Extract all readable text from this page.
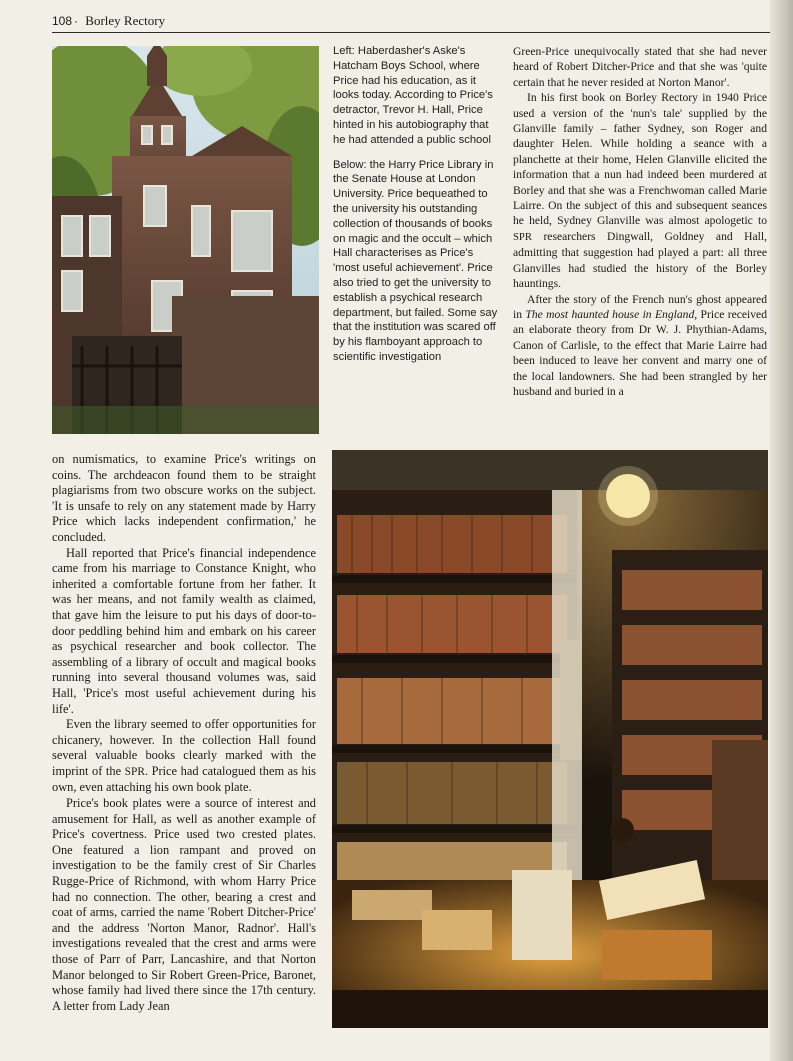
108 · Borley Rectory

Left: Haberdasher's Aske's Hatcham Boys School, where Price had his education, as it looks today. According to Price's detractor, Trevor H. Hall, Price hinted in his autobiography that he had attended a public school

Below: the Harry Price Library in the Senate House at London University. Price bequeathed to the university his outstanding collection of thousands of books on magic and the occult – which Hall characterises as Price's 'most useful achievement'. Price also tried to get the university to establish a psychical research department, but failed. Some say that the institution was scared off by his flamboyant approach to scientific investigation

Green-Price unequivocally stated that she had never heard of Robert Ditcher-Price and that she was 'quite certain that he never resided at Norton Manor'.

In his first book on Borley Rectory in 1940 Price used a version of the 'nun's tale' supplied by the Glanville family – father Sydney, son Roger and daughter Helen. While holding a seance with a planchette at their home, Helen Glanville elicited the information that a nun had indeed been murdered at Borley and that she was a Frenchwoman called Marie Lairre. On the subject of this and subsequent seances he held, Sydney Glanville was almost apologetic to SPR researchers Dingwall, Goldney and Hall, admitting that suggestion had played a part: all three Glanvilles had studied the history of the Borley hauntings.

After the story of the French nun's ghost appeared in The most haunted house in England, Price received an elaborate theory from Dr W. J. Phythian-Adams, Canon of Carlisle, to the effect that Marie Lairre had been induced to leave her convent and marry one of the local landowners. She had been strangled by her husband and buried in a

on numismatics, to examine Price's writings on coins. The archdeacon found them to be straight plagiarisms from two obscure works on the subject. 'It is unsafe to rely on any statement made by Harry Price which lacks independent confirmation,' he concluded.

Hall reported that Price's financial independence came from his marriage to Constance Knight, who inherited a comfortable fortune from her father. It was her means, and not family wealth as claimed, that gave him the leisure to put his days of door-to-door peddling behind him and embark on his career as psychical researcher and book collector. The assembling of a library of occult and magical books running into several thousand volumes was, said Hall, 'Price's most useful achievement during his life'.

Even the library seemed to offer opportunities for chicanery, however. In the collection Hall found several valuable books clearly marked with the imprint of the SPR. Price had catalogued them as his own, even attaching his own book plate.

Price's book plates were a source of interest and amusement for Hall, as well as another example of Price's covertness. Price used two crested plates. One featured a lion rampant and proved on investigation to be the family crest of Sir Charles Rugge-Price of Richmond, with whom Harry Price had no connection. The other, bearing a crest and coat of arms, carried the name 'Robert Ditcher-Price' and the address 'Norton Manor, Radnor'. Hall's investigations revealed that the crest and arms were those of Parr of Parr, Lancashire, and that Norton Manor belonged to Sir Robert Green-Price, Baronet, whose family had lived there since the 17th century. A letter from Lady Jean
